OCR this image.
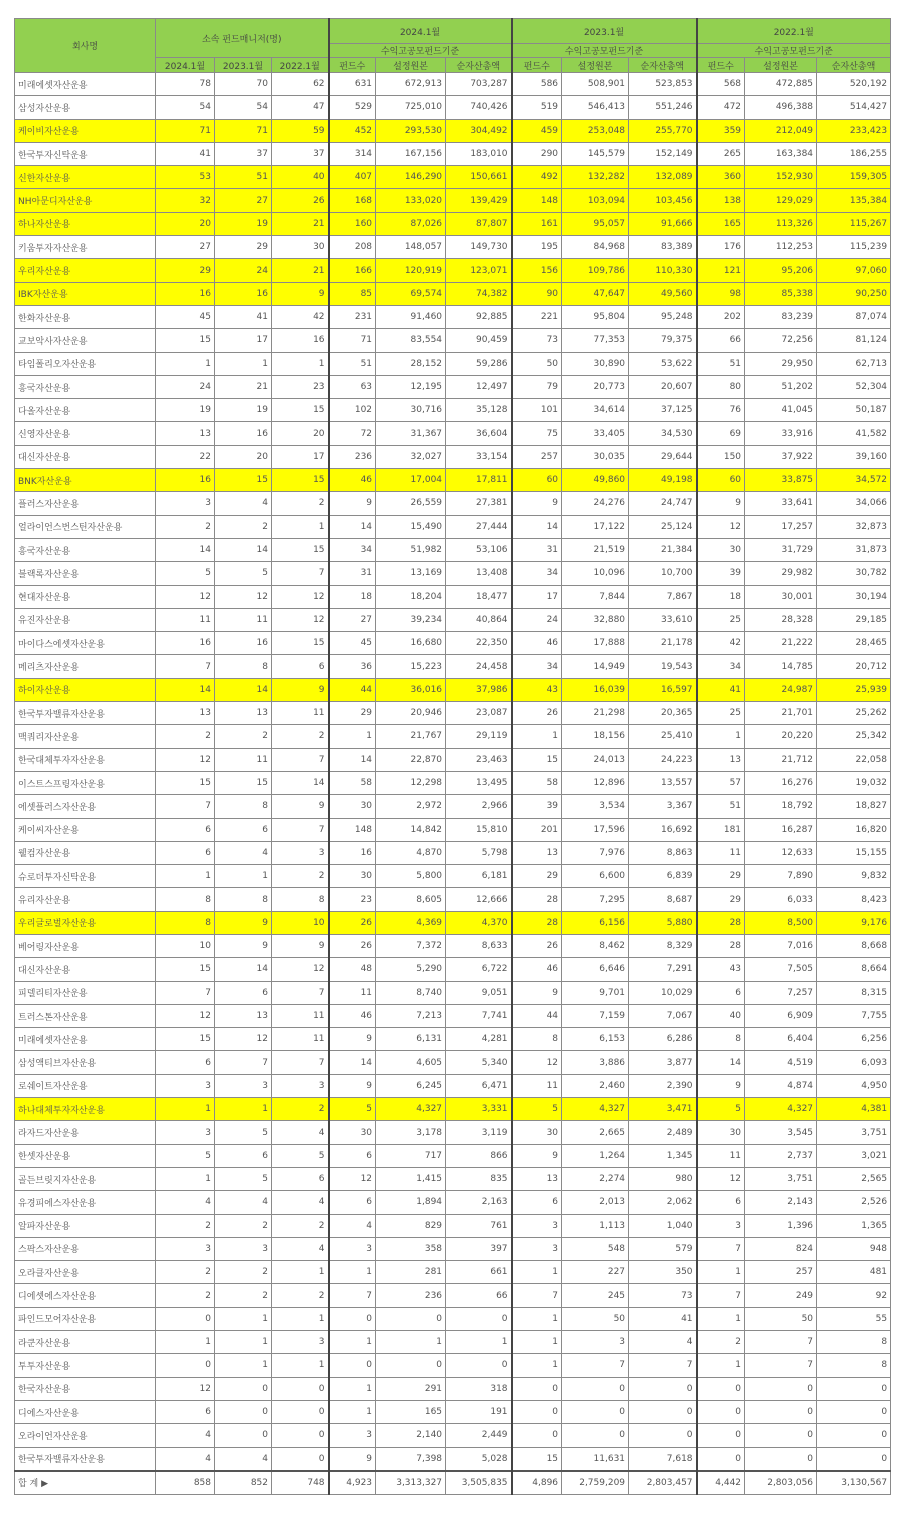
회사명	소속 펀드매니저(명)			2024.1월			2023.1월			2022.1월		
				수익고공모펀드기준			수익고공모펀드기준			수익고공모펀드기준		
	2024.1월	2023.1월	2022.1월	펀드수	설정원본	순자산총액	펀드수	설정원본	순자산총액	펀드수	설정원본	순자산총액
미래에셋자산운용	78	70	62	631	672,913	703,287	586	508,901	523,853	568	472,885	520,192
삼성자산운용	54	54	47	529	725,010	740,426	519	546,413	551,246	472	496,388	514,427
케이비자산운용	71	71	59	452	293,530	304,492	459	253,048	255,770	359	212,049	233,423
한국투자신탁운용	41	37	37	314	167,156	183,010	290	145,579	152,149	265	163,384	186,255
신한자산운용	53	51	40	407	146,290	150,661	492	132,282	132,089	360	152,930	159,305
NH아문디자산운용	32	27	26	168	133,020	139,429	148	103,094	103,456	138	129,029	135,384
하나자산운용	20	19	21	160	87,026	87,807	161	95,057	91,666	165	113,326	115,267
키움투자자산운용	27	29	30	208	148,057	149,730	195	84,968	83,389	176	112,253	115,239
우리자산운용	29	24	21	166	120,919	123,071	156	109,786	110,330	121	95,206	97,060
IBK자산운용	16	16	9	85	69,574	74,382	90	47,647	49,560	98	85,338	90,250
한화자산운용	45	41	42	231	91,460	92,885	221	95,804	95,248	202	83,239	87,074
교보악사자산운용	15	17	16	71	83,554	90,459	73	77,353	79,375	66	72,256	81,124
타임폴리오자산운용	1	1	1	51	28,152	59,286	50	30,890	53,622	51	29,950	62,713
흥국자산운용	24	21	23	63	12,195	12,497	79	20,773	20,607	80	51,202	52,304
다올자산운용	19	19	15	102	30,716	35,128	101	34,614	37,125	76	41,045	50,187
신영자산운용	13	16	20	72	31,367	36,604	75	33,405	34,530	69	33,916	41,582
대신자산운용	22	20	17	236	32,027	33,154	257	30,035	29,644	150	37,922	39,160
BNK자산운용	16	15	15	46	17,004	17,811	60	49,860	49,198	60	33,875	34,572
플러스자산운용	3	4	2	9	26,559	27,381	9	24,276	24,747	9	33,641	34,066
얼라이언스번스틴자산운용	2	2	1	14	15,490	27,444	14	17,122	25,124	12	17,257	32,873
흥국자산운용	14	14	15	34	51,982	53,106	31	21,519	21,384	30	31,729	31,873
블랙록자산운용	5	5	7	31	13,169	13,408	34	10,096	10,700	39	29,982	30,782
현대자산운용	12	12	12	18	18,204	18,477	17	7,844	7,867	18	30,001	30,194
유진자산운용	11	11	12	27	39,234	40,864	24	32,880	33,610	25	28,328	29,185
마이다스에셋자산운용	16	16	15	45	16,680	22,350	46	17,888	21,178	42	21,222	28,465
메리츠자산운용	7	8	6	36	15,223	24,458	34	14,949	19,543	34	14,785	20,712
하이자산운용	14	14	9	44	36,016	37,986	43	16,039	16,597	41	24,987	25,939
한국투자밸류자산운용	13	13	11	29	20,946	23,087	26	21,298	20,365	25	21,701	25,262
맥쿼리자산운용	2	2	2	1	21,767	29,119	1	18,156	25,410	1	20,220	25,342
한국대체투자자산운용	12	11	7	14	22,870	23,463	15	24,013	24,223	13	21,712	22,058
이스트스프링자산운용	15	15	14	58	12,298	13,495	58	12,896	13,557	57	16,276	19,032
에셋플러스자산운용	7	8	9	30	2,972	2,966	39	3,534	3,367	51	18,792	18,827
케이씨자산운용	6	6	7	148	14,842	15,810	201	17,596	16,692	181	16,287	16,820
웰컴자산운용	6	4	3	16	4,870	5,798	13	7,976	8,863	11	12,633	15,155
슈로더투자신탁운용	1	1	2	30	5,800	6,181	29	6,600	6,839	29	7,890	9,832
유리자산운용	8	8	8	23	8,605	12,666	28	7,295	8,687	29	6,033	8,423
우리글로벌자산운용	8	9	10	26	4,369	4,370	28	6,156	5,880	28	8,500	9,176
베어링자산운용	10	9	9	26	7,372	8,633	26	8,462	8,329	28	7,016	8,668
대신자산운용	15	14	12	48	5,290	6,722	46	6,646	7,291	43	7,505	8,664
피델리티자산운용	7	6	7	11	8,740	9,051	9	9,701	10,029	6	7,257	8,315
트러스톤자산운용	12	13	11	46	7,213	7,741	44	7,159	7,067	40	6,909	7,755
미래에셋자산운용	15	12	11	9	6,131	4,281	8	6,153	6,286	8	6,404	6,256
삼성액티브자산운용	6	7	7	14	4,605	5,340	12	3,886	3,877	14	4,519	6,093
로쉐이트자산운용	3	3	3	9	6,245	6,471	11	2,460	2,390	9	4,874	4,950
하나대체투자자산운용	1	1	2	5	4,327	3,331	5	4,327	3,471	5	4,327	4,381
라자드자산운용	3	5	4	30	3,178	3,119	30	2,665	2,489	30	3,545	3,751
한셋자산운용	5	6	5	6	717	866	9	1,264	1,345	11	2,737	3,021
골든브릿지자산운용	1	5	6	12	1,415	835	13	2,274	980	12	3,751	2,565
유경피에스자산운용	4	4	4	6	1,894	2,163	6	2,013	2,062	6	2,143	2,526
알파자산운용	2	2	2	4	829	761	3	1,113	1,040	3	1,396	1,365
스팍스자산운용	3	3	4	3	358	397	3	548	579	7	824	948
오라클자산운용	2	2	1	1	281	661	1	227	350	1	257	481
디에셋에스자산운용	2	2	2	7	236	66	7	245	73	7	249	92
파인드모어자산운용	0	1	1	0	0	0	1	50	41	1	50	55
라쿤자산운용	1	1	3	1	1	1	1	3	4	2	7	8
투투자산운용	0	1	1	0	0	0	1	7	7	1	7	8
한국자산운용	12	0	0	1	291	318	0	0	0	0	0	0
디에스자산운용	6	0	0	1	165	191	0	0	0	0	0	0
오라이언자산운용	4	0	0	3	2,140	2,449	0	0	0	0	0	0
한국투자밸류자산운용	4	4	0	9	7,398	5,028	15	11,631	7,618	0	0	0
합 계 ▶	858	852	748	4,923	3,313,327	3,505,835	4,896	2,759,209	2,803,457	4,442	2,803,056	3,130,567
